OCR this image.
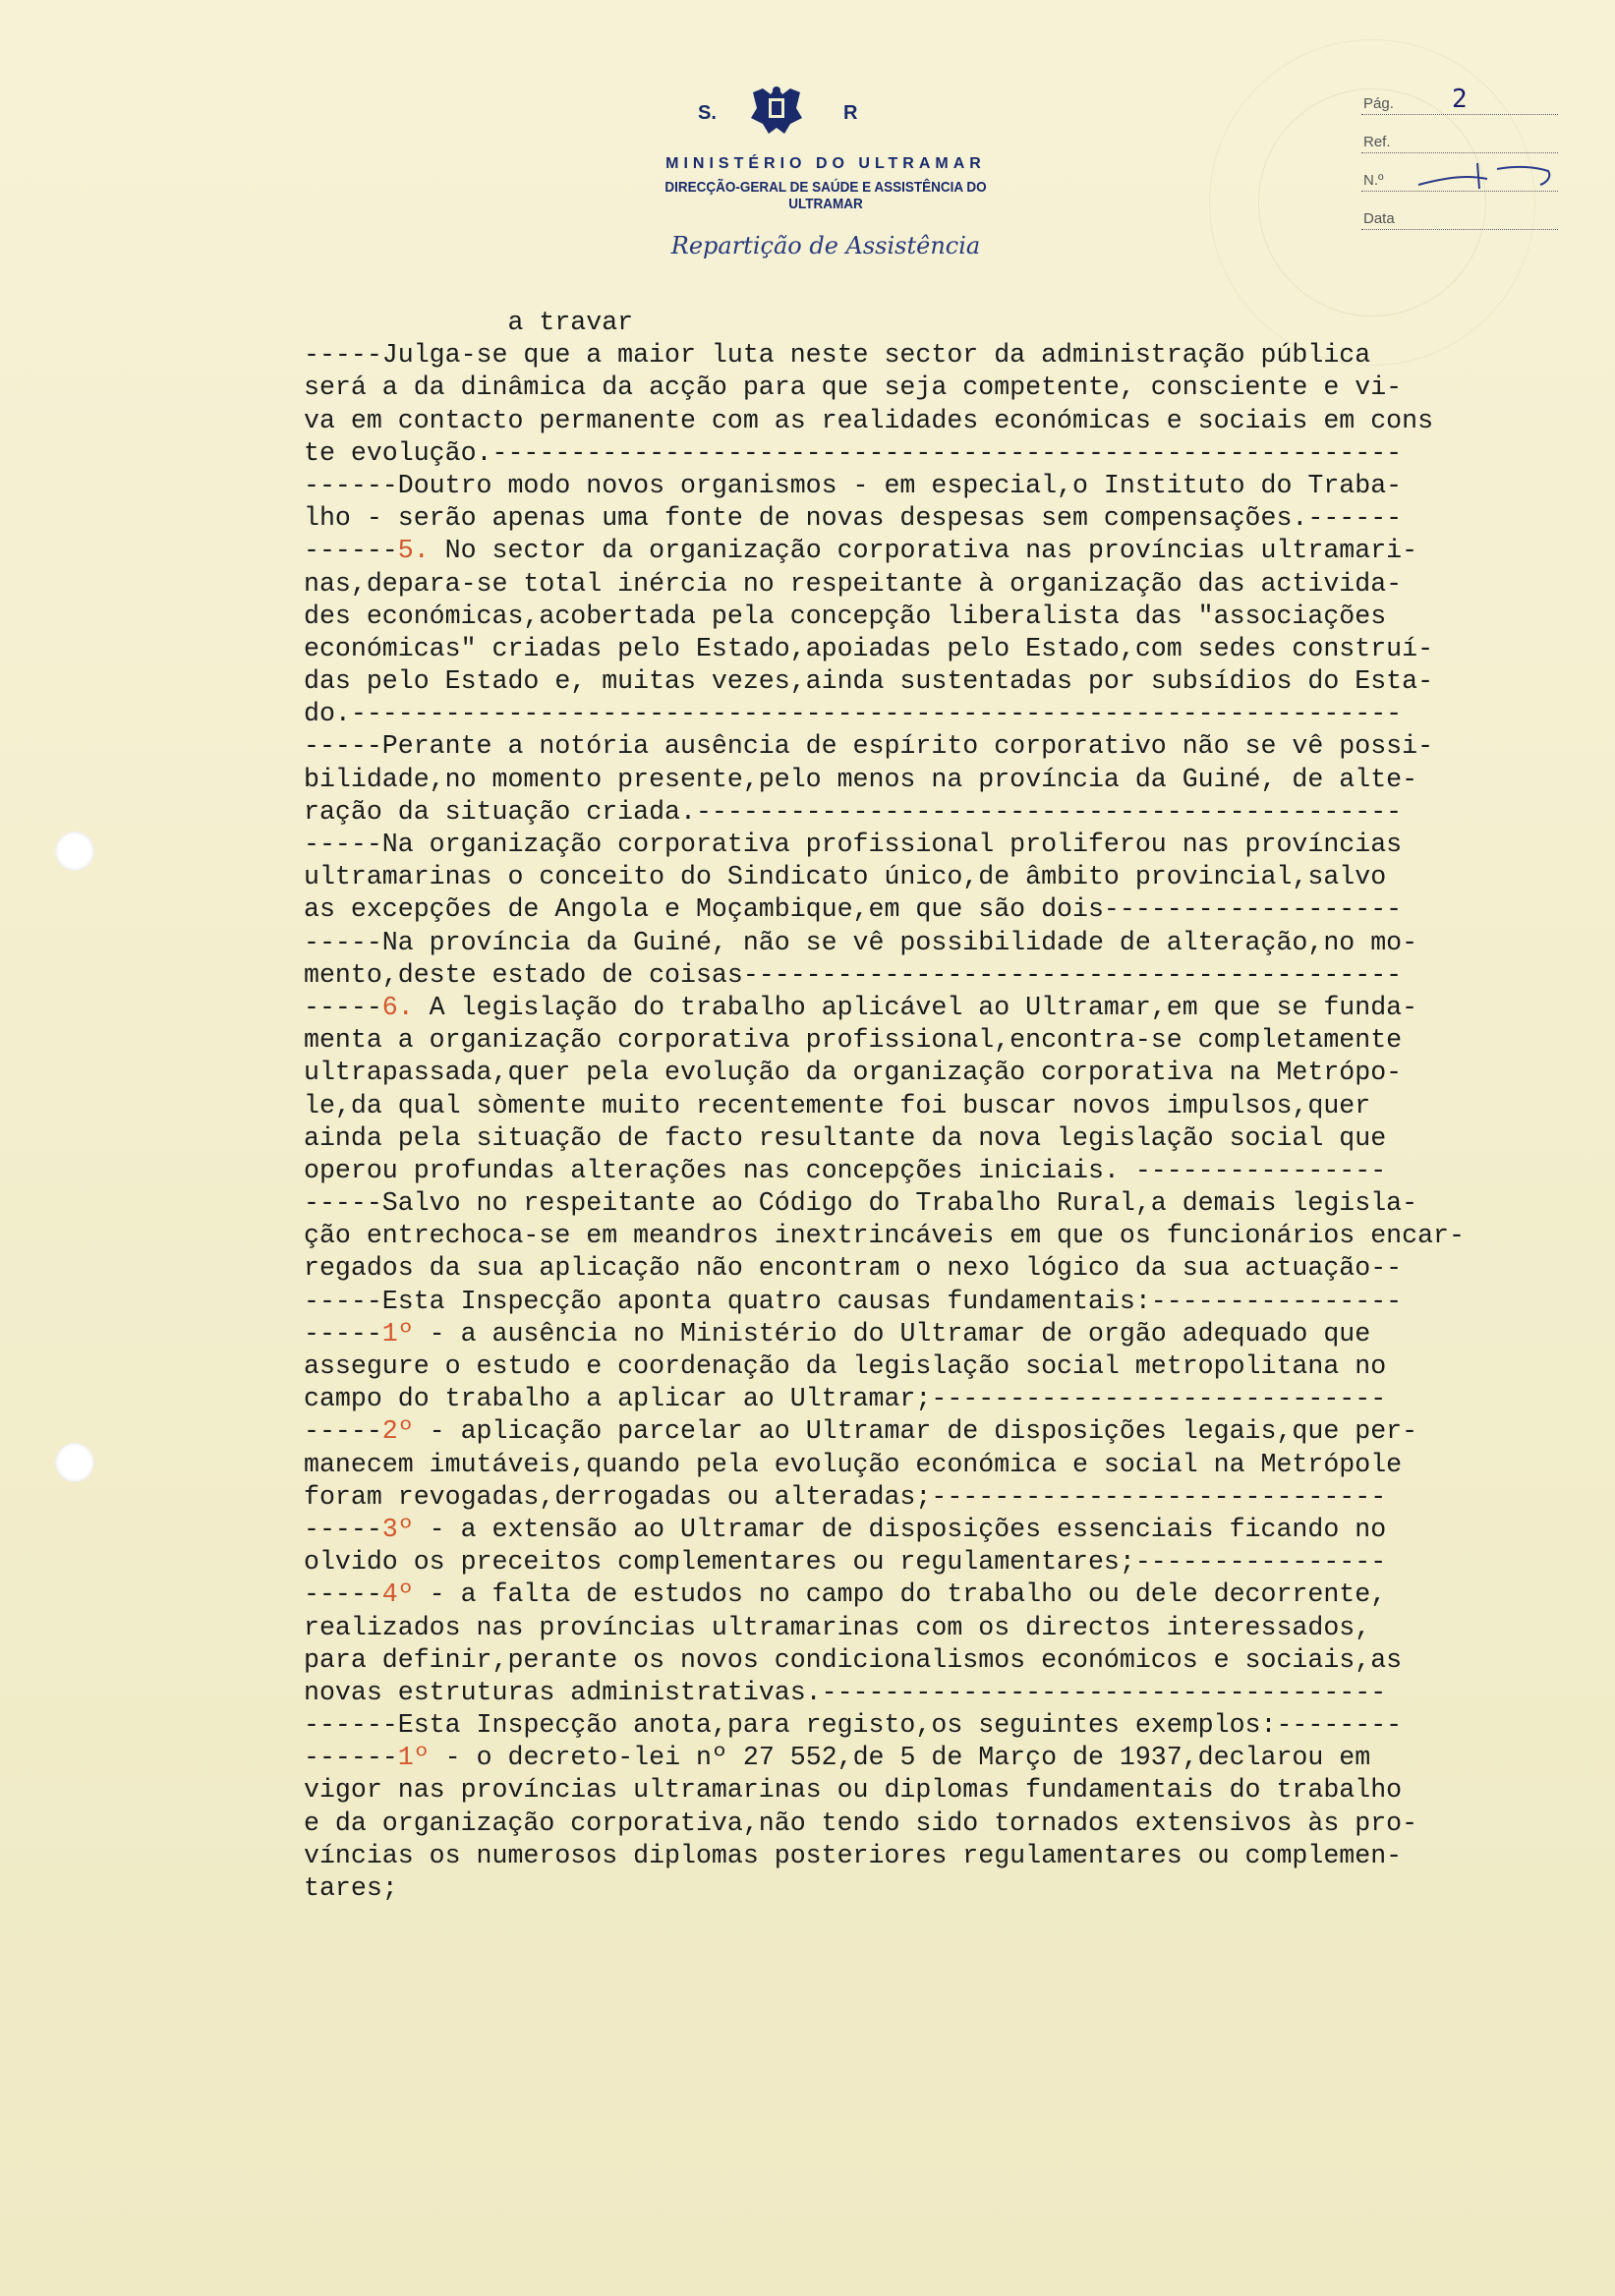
S.	R
MINISTÉRIO DO ULTRAMAR
DIRECÇÃO-GERAL DE SAÚDE E ASSISTÊNCIA DO ULTRAMAR
Repartição de Assistência
Pág. 2
Ref.
N.º
Data
a travar
-----Julga-se que a maior luta neste sector da administração pública
será a da dinâmica da acção para que seja competente, consciente e vi-
va em contacto permanente com as realidades económicas e sociais em cons
te evolução.----------------------------------------------------------
------Doutro modo novos organismos - em especial,o Instituto do Traba-
lho - serão apenas uma fonte de novas despesas sem compensações.------
------5. No sector da organização corporativa nas províncias ultramari-
nas,depara-se total inércia no respeitante à organização das activida-
des económicas,acobertada pela concepção liberalista das "associações
económicas" criadas pelo Estado,apoiadas pelo Estado,com sedes construí-
das pelo Estado e, muitas vezes,ainda sustentadas por subsídios do Esta-
do.-------------------------------------------------------------------
-----Perante a notória ausência de espírito corporativo não se vê possi-
bilidade,no momento presente,pelo menos na província da Guiné, de alte-
ração da situação criada.---------------------------------------------
-----Na organização corporativa profissional proliferou nas províncias
ultramarinas o conceito do Sindicato único,de âmbito provincial,salvo
as excepções de Angola e Moçambique,em que são dois-------------------
-----Na província da Guiné, não se vê possibilidade de alteração,no mo-
mento,deste estado de coisas------------------------------------------
-----6. A legislação do trabalho aplicável ao Ultramar,em que se funda-
menta a organização corporativa profissional,encontra-se completamente
ultrapassada,quer pela evolução da organização corporativa na Metrópo-
le,da qual sòmente muito recentemente foi buscar novos impulsos,quer
ainda pela situação de facto resultante da nova legislação social que
operou profundas alterações nas concepções iniciais. ----------------
-----Salvo no respeitante ao Código do Trabalho Rural,a demais legisla-
ção entrechoca-se em meandros inextrincáveis em que os funcionários encar-
regados da sua aplicação não encontram o nexo lógico da sua actuação--
-----Esta Inspecção aponta quatro causas fundamentais:----------------
-----1º - a ausência no Ministério do Ultramar de orgão adequado que
assegure o estudo e coordenação da legislação social metropolitana no
campo do trabalho a aplicar ao Ultramar;-----------------------------
-----2º - aplicação parcelar ao Ultramar de disposições legais,que per-
manecem imutáveis,quando pela evolução económica e social na Metrópole
foram revogadas,derrogadas ou alteradas;-----------------------------
-----3º - a extensão ao Ultramar de disposições essenciais ficando no
olvido os preceitos complementares ou regulamentares;----------------
-----4º - a falta de estudos no campo do trabalho ou dele decorrente,
realizados nas províncias ultramarinas com os directos interessados,
para definir,perante os novos condicionalismos económicos e sociais,as
novas estruturas administrativas.------------------------------------
------Esta Inspecção anota,para registo,os seguintes exemplos:--------
------1º - o decreto-lei nº 27 552,de 5 de Março de 1937,declarou em
vigor nas províncias ultramarinas ou diplomas fundamentais do trabalho
e da organização corporativa,não tendo sido tornados extensivos às pro-
víncias os numerosos diplomas posteriores regulamentares ou complemen-
tares;
